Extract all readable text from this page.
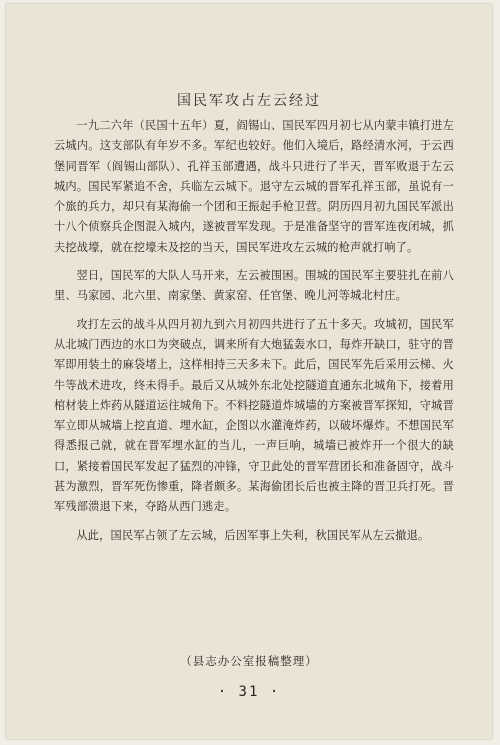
国民军攻占左云经过

一九二六年（民国十五年）夏，阎锡山、国民军四月初七从内蒙丰镇打进左云城内。这支部队有年岁不多。军纪也较好。他们入境后，路经清水河，于云西堡同晋军（阎锡山部队）、孔祥玉部遭遇，战斗只进行了半天，晋军败退于左云城内。国民军紧追不舍，兵临左云城下。退守左云城的晋军孔祥玉部，虽说有一个旅的兵力，却只有某海偷一个团和王振起手枪卫营。阴历四月初九国民军派出十八个侦察兵企图混入城内，遂被晋军发现。于是准备坚守的晋军连夜闭城，抓夫挖战壕，就在挖壕未及挖的当天，国民军进攻左云城的枪声就打响了。

翌日，国民军的大队人马开来，左云被围困。围城的国民军主要驻扎在前八里、马家园、北六里、南家堡、黄家窑、任官堡、晚儿河等城北村庄。

攻打左云的战斗从四月初九到六月初四共进行了五十多天。攻城初，国民军从北城门西边的水口为突破点，调来所有大炮猛轰水口，每炸开缺口，驻守的晋军即用装土的麻袋堵上，这样相持三天多未下。此后，国民军先后采用云梯、火牛等战术进攻，终未得手。最后又从城外东北处挖隧道直通东北城角下，接着用棺材装上炸药从隧道运往城角下。不料挖隧道炸城墙的方案被晋军探知，守城晋军立即从城墙上挖直道、埋水缸，企图以水灌淹炸药，以破坏爆炸。不想国民军得悉报己就，就在晋军埋水缸的当儿，一声巨响，城墙已被炸开一个很大的缺口，紧接着国民军发起了猛烈的冲锋，守卫此处的晋军营团长和准备固守，战斗甚为激烈，晋军死伤惨重，降者颇多。某海偷团长后也被主降的晋卫兵打死。晋军残部溃退下来，夺路从西门逃走。

从此，国民军占领了左云城，后因军事上失利，秋国民军从左云撤退。

（县志办公室报稿整理）
· 31 ·
